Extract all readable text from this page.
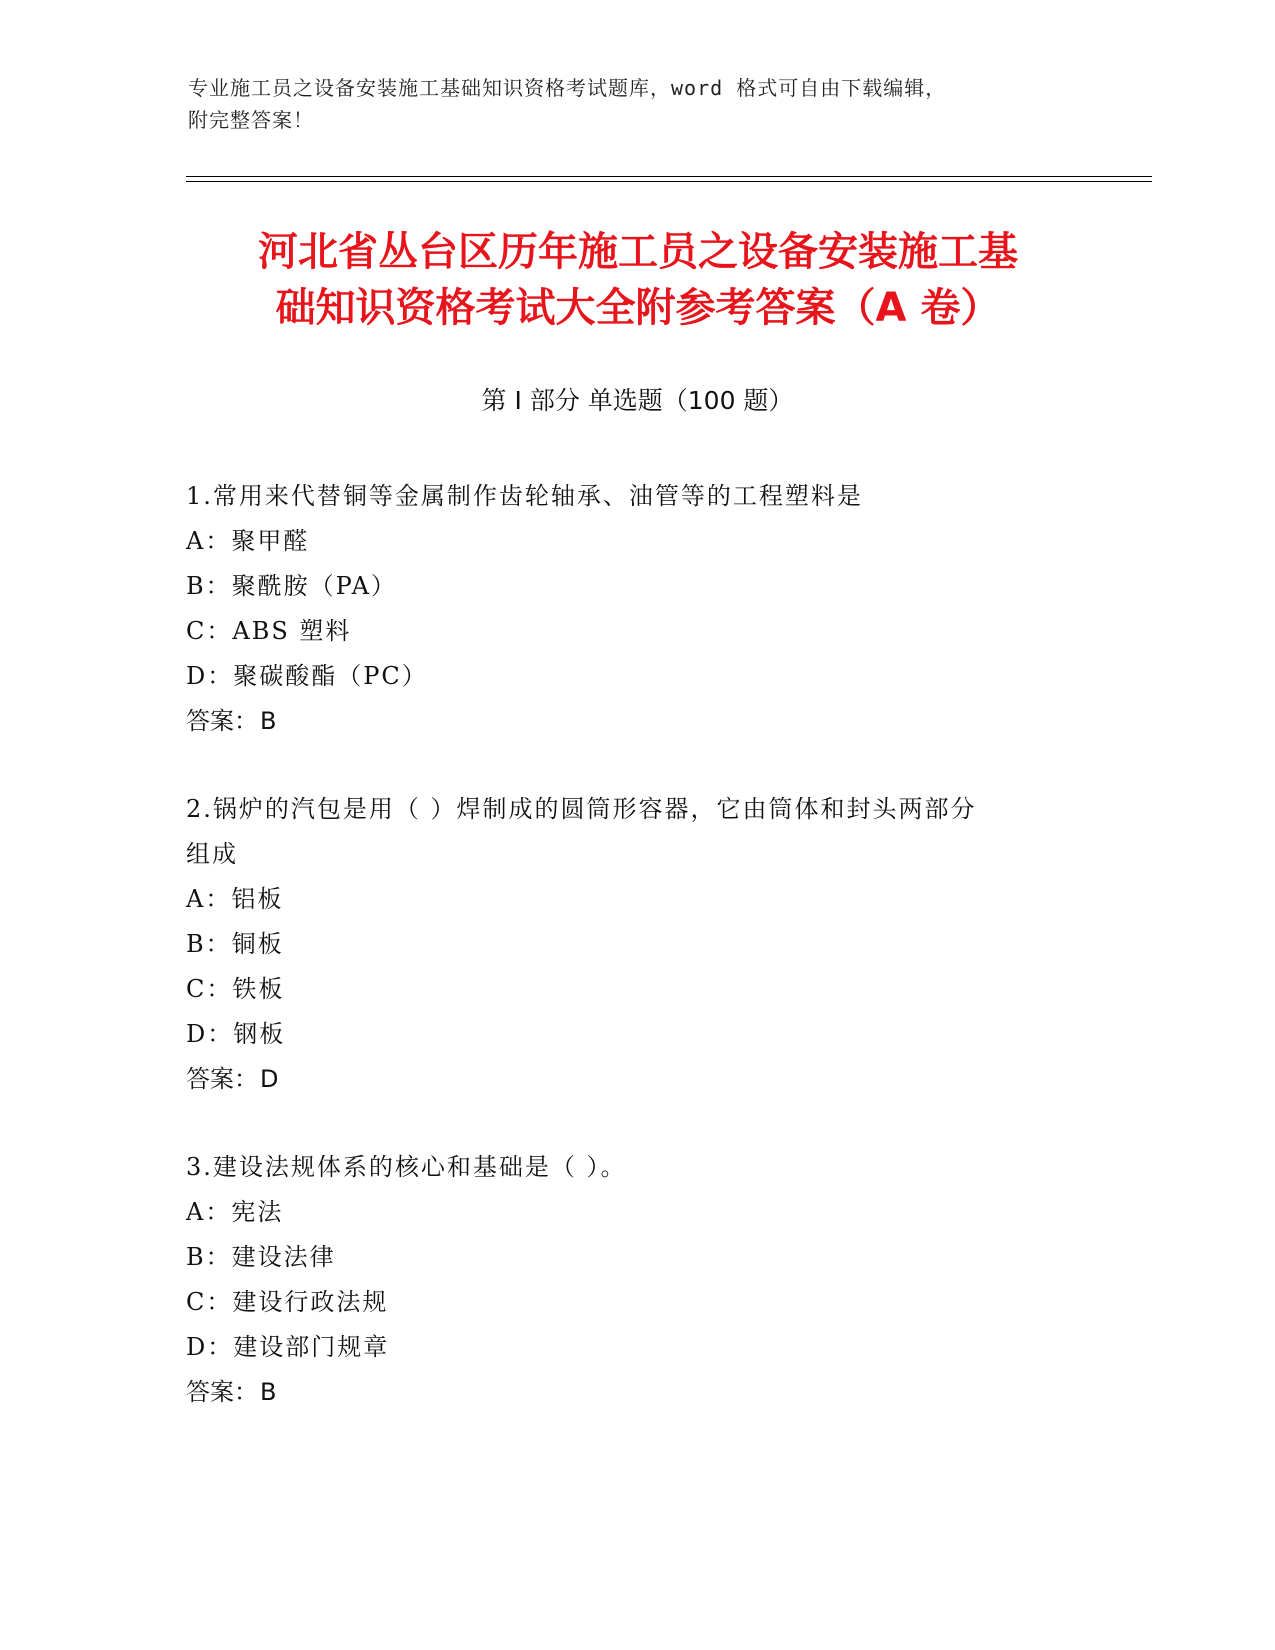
专业施工员之设备安装施工基础知识资格考试题库，word 格式可自由下载编辑，
附完整答案！
河北省丛台区历年施工员之设备安装施工基
础知识资格考试大全附参考答案（A 卷）
第 I 部分 单选题（100 题）
1.常用来代替铜等金属制作齿轮轴承、油管等的工程塑料是
A：聚甲醛
B：聚酰胺（PA）
C：ABS 塑料
D：聚碳酸酯（PC）
答案：B
2.锅炉的汽包是用（ ）焊制成的圆筒形容器，它由筒体和封头两部分
组成
A：铝板
B：铜板
C：铁板
D：钢板
答案：D
3.建设法规体系的核心和基础是（ ）。
A：宪法
B：建设法律
C：建设行政法规
D：建设部门规章
答案：B
